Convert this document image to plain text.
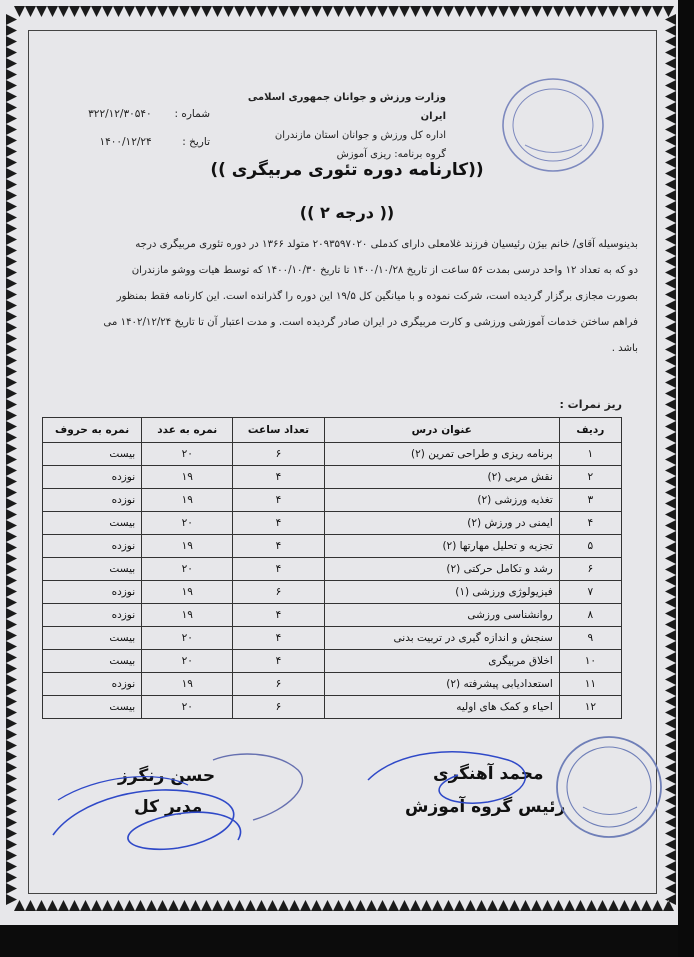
وزارت ورزش و جوانان جمهوری اسلامی ایران
اداره کل ورزش و جوانان استان مازندران
گروه برنامه: ریزی آموزش
شماره : ۳۲۲/۱۲/۳۰۵۴۰
تاریخ : ۱۴۰۰/۱۲/۲۴
((کارنامه دوره تئوری مربیگری ))
(( درجه ۲ ))
بدینوسیله آقای/ خانم بیژن رئیسیان فرزند غلامعلی دارای کدملی ۲۰۹۳۵۹۷۰۲۰ متولد ۱۳۶۶ در دوره تئوری مربیگری درجه
دو که به تعداد ۱۲ واحد درسی بمدت ۵۶ ساعت از تاریخ ۱۴۰۰/۱۰/۲۸ تا تاریخ ۱۴۰۰/۱۰/۳۰ که توسط هیات ووشو مازندران
بصورت مجازی برگزار گردیده است، شرکت نموده و با میانگین کل ۱۹/۵ این دوره را گذرانده است. این کارنامه فقط بمنظور
فراهم ساختن خدمات آموزشی ورزشی و کارت مربیگری در ایران صادر گردیده است. و مدت اعتبار آن تا تاریخ ۱۴۰۲/۱۲/۲۴ می
باشد .
ریز نمرات :
ردیف	عنوان درس	تعداد ساعت	نمره به عدد	نمره به حروف
۱	برنامه ریزی و طراحی تمرین (۲)	۶	۲۰	بیست
۲	نقش مربی (۲)	۴	۱۹	نوزده
۳	تغذیه ورزشی (۲)	۴	۱۹	نوزده
۴	ایمنی در ورزش (۲)	۴	۲۰	بیست
۵	تجزیه و تحلیل مهارتها (۲)	۴	۱۹	نوزده
۶	رشد و تکامل حرکتی (۲)	۴	۲۰	بیست
۷	فیزیولوژی ورزشی (۱)	۶	۱۹	نوزده
۸	روانشناسی ورزشی	۴	۱۹	نوزده
۹	سنجش و اندازه گیری در تربیت بدنی	۴	۲۰	بیست
۱۰	اخلاق مربیگری	۴	۲۰	بیست
۱۱	استعدادیابی پیشرفته (۲)	۶	۱۹	نوزده
۱۲	احیاء و کمک های اولیه	۶	۲۰	بیست
محمد آهنگری
رئیس گروه آموزش
حسن رنگرز
مدیر کل
